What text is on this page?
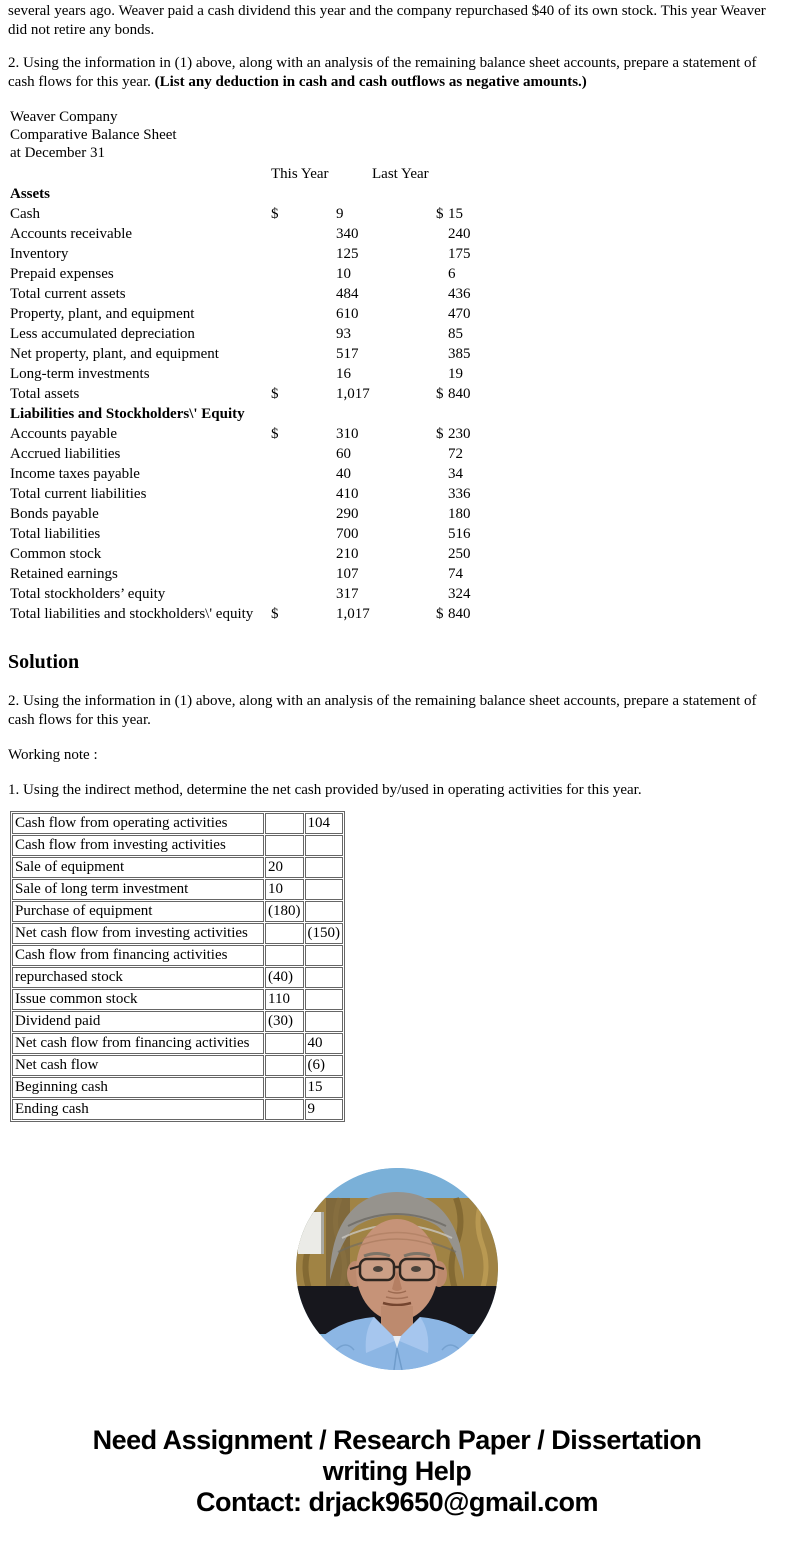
several years ago. Weaver paid a cash dividend this year and the company repurchased $40 of its own stock. This year Weaver did not retire any bonds.

2. Using the information in (1) above, along with an analysis of the remaining balance sheet accounts, prepare a statement of cash flows for this year. (List any deduction in cash and cash outflows as negative amounts.)

Weaver Company
Comparative Balance Sheet
at December 31
This Year	Last Year
Assets
Cash	$	9	$ 15
Accounts receivable	340	240
Inventory	125	175
Prepaid expenses	10	6
Total current assets	484	436
Property, plant, and equipment	610	470
Less accumulated depreciation	93	85
Net property, plant, and equipment	517	385
Long-term investments	16	19
Total assets	$	1,017	$ 840
Liabilities and Stockholders\' Equity
Accounts payable	$	310	$ 230
Accrued liabilities	60	72
Income taxes payable	40	34
Total current liabilities	410	336
Bonds payable	290	180
Total liabilities	700	516
Common stock	210	250
Retained earnings	107	74
Total stockholders’ equity	317	324
Total liabilities and stockholders\' equity	$	1,017	$ 840
Solution

2. Using the information in (1) above, along with an analysis of the remaining balance sheet accounts, prepare a statement of cash flows for this year.

Working note :

1. Using the indirect method, determine the net cash provided by/used in operating activities for this year.

Cash flow from operating activities		104
Cash flow from investing activities		
Sale of equipment	20	
Sale of long term investment	10	
Purchase of equipment	(180)	
Net cash flow from investing activities		(150)
Cash flow from financing activities		
repurchased stock	(40)	
Issue common stock	110	
Dividend paid	(30)	
Net cash flow from financing activities		40
Net cash flow		(6)
Beginning cash		15
Ending cash		9
Need Assignment / Research Paper / Dissertation
writing Help
Contact: drjack9650@gmail.com
